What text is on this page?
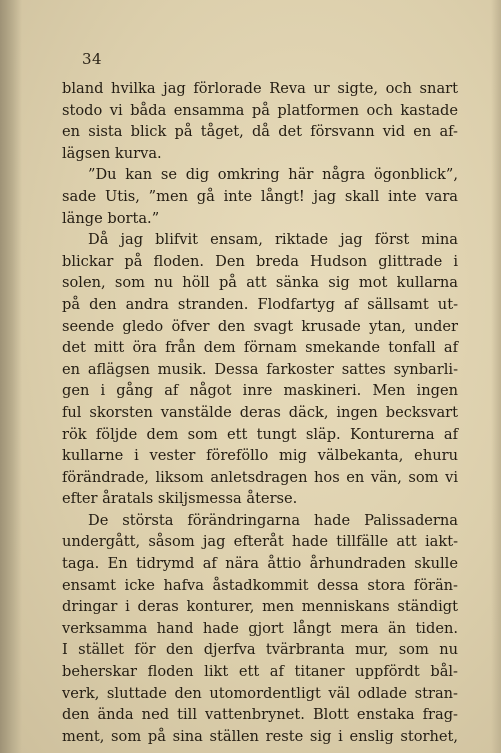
34
bland hvilka jag förlorade Reva ur sigte, och snart
stodo vi båda ensamma på platformen och kastade
en sista blick på tåget, då det försvann vid en af-
lägsen kurva.
”Du kan se dig omkring här några ögonblick”,
sade Utis, ”men gå inte långt! jag skall inte vara
länge borta.”
Då jag blifvit ensam, riktade jag först mina
blickar på floden. Den breda Hudson glittrade i
solen, som nu höll på att sänka sig mot kullarna
på den andra stranden. Flodfartyg af sällsamt ut-
seende gledo öfver den svagt krusade ytan, under
det mitt öra från dem förnam smekande tonfall af
en aflägsen musik. Dessa farkoster sattes synbarli-
gen i gång af något inre maskineri. Men ingen
ful skorsten vanstälde deras däck, ingen becksvart
rök följde dem som ett tungt släp. Konturerna af
kullarne i vester föreföllo mig välbekanta, ehuru
förändrade, liksom anletsdragen hos en vän, som vi
efter åratals skiljsmessa återse.
De största förändringarna hade Palissaderna
undergått, såsom jag efteråt hade tillfälle att iakt-
taga. En tidrymd af nära åttio århundraden skulle
ensamt icke hafva åstadkommit dessa stora förän-
dringar i deras konturer, men menniskans ständigt
verksamma hand hade gjort långt mera än tiden.
I stället för den djerfva tvärbranta mur, som nu
beherskar floden likt ett af titaner uppfördt bål-
verk, sluttade den utomordentligt väl odlade stran-
den ända ned till vattenbrynet. Blott enstaka frag-
ment, som på sina ställen reste sig i enslig storhet,
